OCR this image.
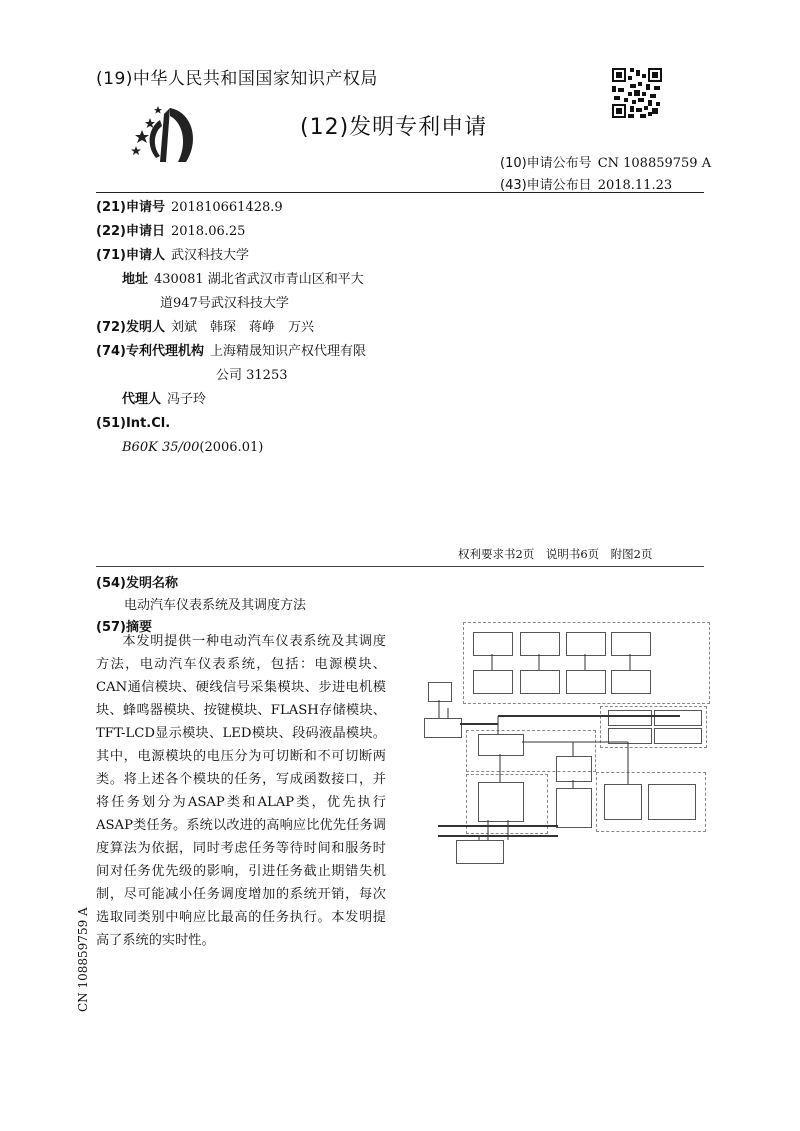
(19)中华人民共和国国家知识产权局
(12)发明专利申请
(10)申请公布号 CN 108859759 A
(43)申请公布日 2018.11.23
(21)申请号 201810661428.9
(22)申请日 2018.06.25
(71)申请人 武汉科技大学
地址 430081 湖北省武汉市青山区和平大
道947号武汉科技大学
(72)发明人 刘斌　韩琛　蒋峥　万兴
(74)专利代理机构 上海精晟知识产权代理有限
公司 31253
代理人 冯子玲
(51)Int.Cl.
B60K 35/00(2006.01)
权利要求书2页　说明书6页　附图2页
(54)发明名称
电动汽车仪表系统及其调度方法
(57)摘要
本发明提供一种电动汽车仪表系统及其调度方法，电动汽车仪表系统，包括：电源模块、CAN通信模块、硬线信号采集模块、步进电机模块、蜂鸣器模块、按键模块、FLASH存储模块、TFT-LCD显示模块、LED模块、段码液晶模块。其中，电源模块的电压分为可切断和不可切断两类。将上述各个模块的任务，写成函数接口，并将任务划分为ASAP类和ALAP类，优先执行ASAP类任务。系统以改进的高响应比优先任务调度算法为依据，同时考虑任务等待时间和服务时间对任务优先级的影响，引进任务截止期错失机制，尽可能减小任务调度增加的系统开销，每次选取同类别中响应比最高的任务执行。本发明提高了系统的实时性。
CN 108859759 A
